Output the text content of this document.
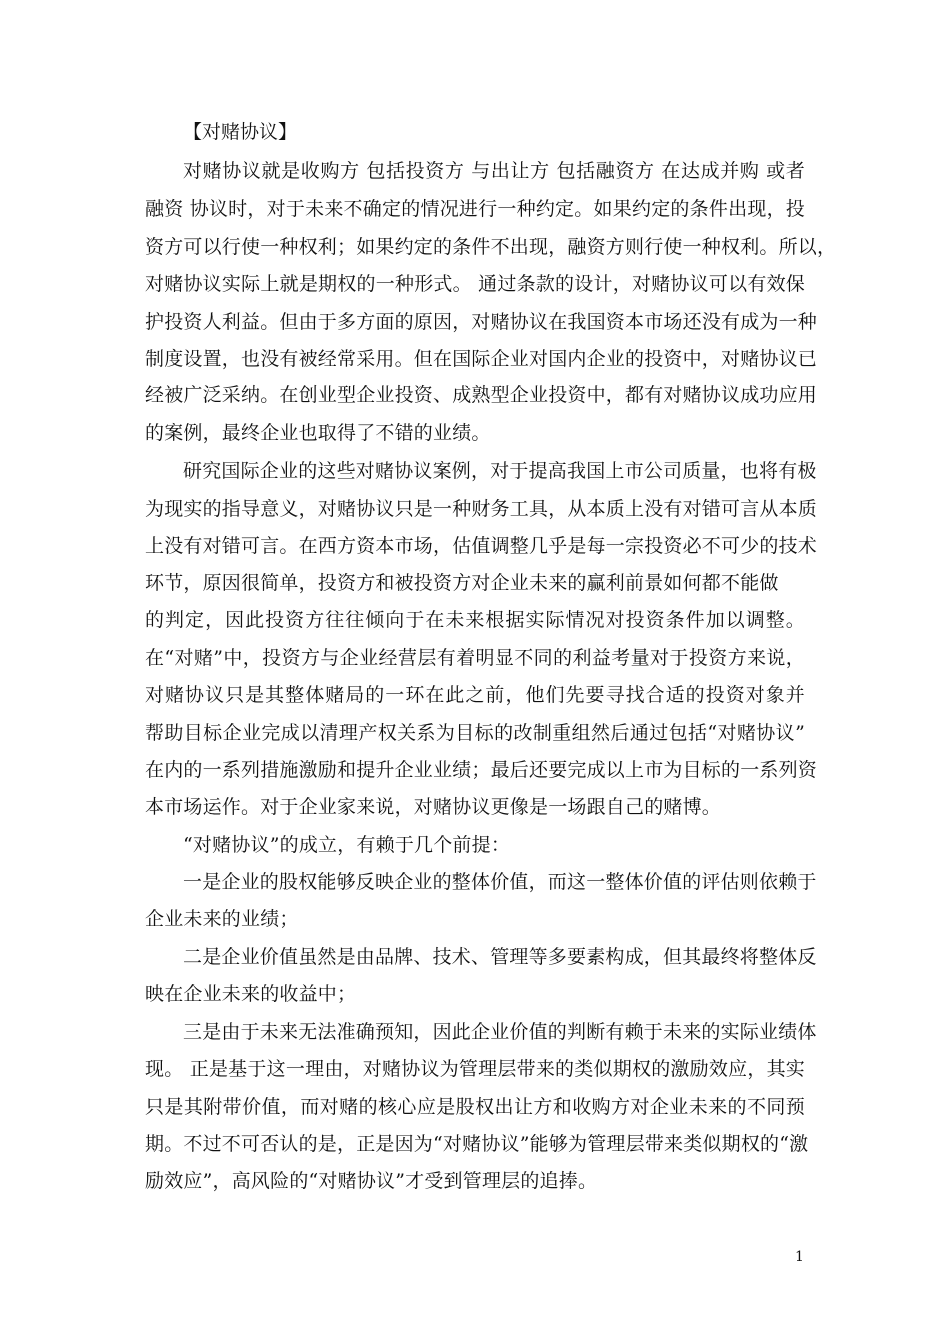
【对赌协议】
对赌协议就是收购方 包括投资方 与出让方 包括融资方 在达成并购 或者
融资 协议时，对于未来不确定的情况进行一种约定。如果约定的条件出现，投
资方可以行使一种权利；如果约定的条件不出现，融资方则行使一种权利。所以，
对赌协议实际上就是期权的一种形式。 通过条款的设计，对赌协议可以有效保
护投资人利益。但由于多方面的原因，对赌协议在我国资本市场还没有成为一种
制度设置，也没有被经常采用。但在国际企业对国内企业的投资中，对赌协议已
经被广泛采纳。在创业型企业投资、成熟型企业投资中，都有对赌协议成功应用
的案例，最终企业也取得了不错的业绩。
研究国际企业的这些对赌协议案例，对于提高我国上市公司质量，也将有极
为现实的指导意义，对赌协议只是一种财务工具，从本质上没有对错可言从本质
上没有对错可言。在西方资本市场，估值调整几乎是每一宗投资必不可少的技术
环节，原因很简单，投资方和被投资方对企业未来的赢利前景如何都不能做
的判定，因此投资方往往倾向于在未来根据实际情况对投资条件加以调整。
在“对赌”中，投资方与企业经营层有着明显不同的利益考量对于投资方来说，
对赌协议只是其整体赌局的一环在此之前，他们先要寻找合适的投资对象并
帮助目标企业完成以清理产权关系为目标的改制重组然后通过包括“对赌协议”
在内的一系列措施激励和提升企业业绩；最后还要完成以上市为目标的一系列资
本市场运作。对于企业家来说，对赌协议更像是一场跟自己的赌博。
“对赌协议”的成立，有赖于几个前提：
一是企业的股权能够反映企业的整体价值，而这一整体价值的评估则依赖于
企业未来的业绩；
二是企业价值虽然是由品牌、技术、管理等多要素构成，但其最终将整体反
映在企业未来的收益中；
三是由于未来无法准确预知，因此企业价值的判断有赖于未来的实际业绩体
现。 正是基于这一理由，对赌协议为管理层带来的类似期权的激励效应，其实
只是其附带价值，而对赌的核心应是股权出让方和收购方对企业未来的不同预
期。不过不可否认的是，正是因为“对赌协议”能够为管理层带来类似期权的“激
励效应”，高风险的“对赌协议”才受到管理层的追捧。
1
